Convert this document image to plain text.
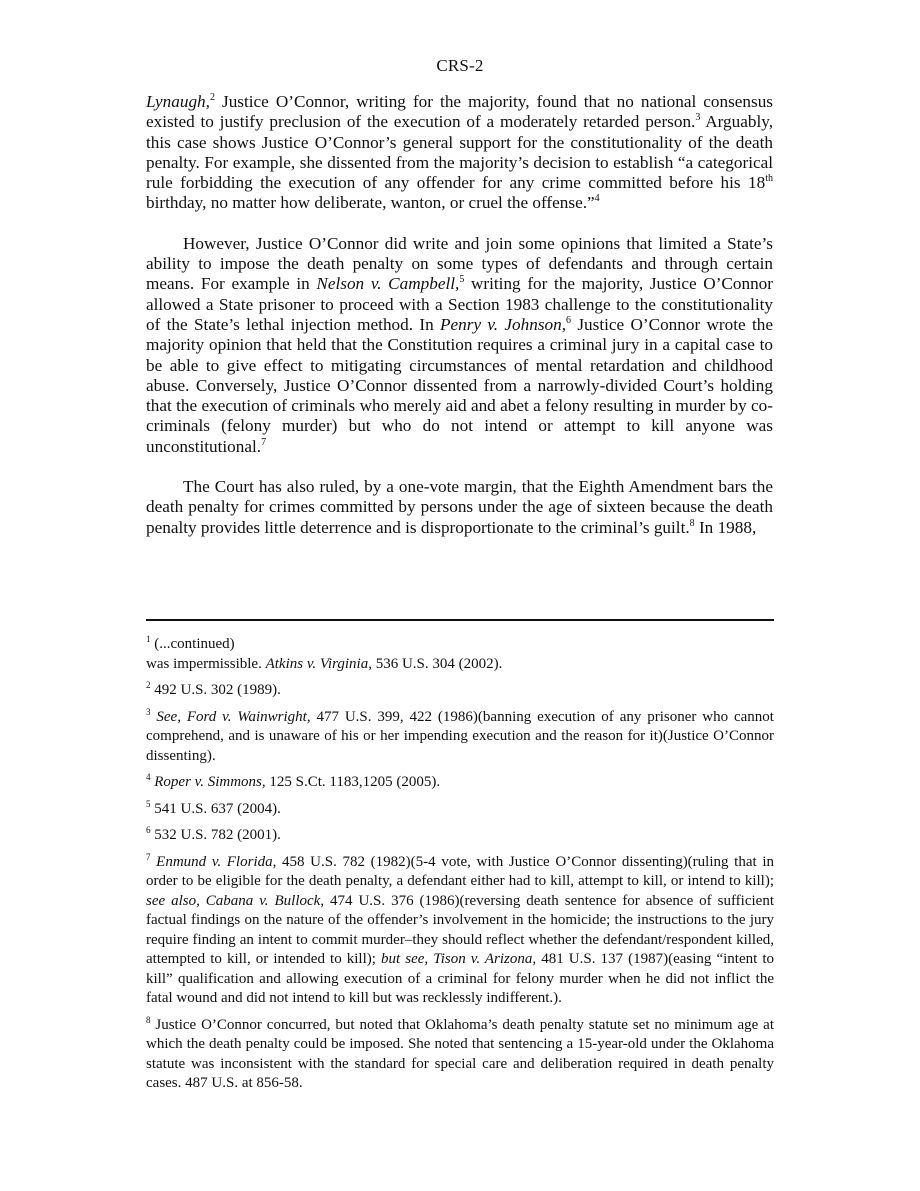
CRS-2

Lynaugh,$^2$ Justice O’Connor, writing for the majority, found that no national consensus existed to justify preclusion of the execution of a moderately retarded person.$^3$ Arguably, this case shows Justice O’Connor’s general support for the constitutionality of the death penalty. For example, she dissented from the majority’s decision to establish “a categorical rule forbidding the execution of any offender for any crime committed before his 18th birthday, no matter how deliberate, wanton, or cruel the offense.”$^4$

However, Justice O’Connor did write and join some opinions that limited a State’s ability to impose the death penalty on some types of defendants and through certain means. For example in Nelson v. Campbell,$^5$ writing for the majority, Justice O’Connor allowed a State prisoner to proceed with a Section 1983 challenge to the constitutionality of the State’s lethal injection method. In Penry v. Johnson,$^6$ Justice O’Connor wrote the majority opinion that held that the Constitution requires a criminal jury in a capital case to be able to give effect to mitigating circumstances of mental retardation and childhood abuse. Conversely, Justice O’Connor dissented from a narrowly-divided Court’s holding that the execution of criminals who merely aid and abet a felony resulting in murder by co-criminals (felony murder) but who do not intend or attempt to kill anyone was unconstitutional.$^7$

The Court has also ruled, by a one-vote margin, that the Eighth Amendment bars the death penalty for crimes committed by persons under the age of sixteen because the death penalty provides little deterrence and is disproportionate to the criminal’s guilt.$^8$ In 1988,

$^1$ (...continued)
was impermissible. Atkins v. Virginia, 536 U.S. 304 (2002).
$^2$ 492 U.S. 302 (1989).
$^3$ See, Ford v. Wainwright, 477 U.S. 399, 422 (1986)(banning execution of any prisoner who cannot comprehend, and is unaware of his or her impending execution and the reason for it)(Justice O’Connor dissenting).
$^4$ Roper v. Simmons, 125 S.Ct. 1183,1205 (2005).
$^5$ 541 U.S. 637 (2004).
$^6$ 532 U.S. 782 (2001).
$^7$ Enmund v. Florida, 458 U.S. 782 (1982)(5-4 vote, with Justice O’Connor dissenting)(ruling that in order to be eligible for the death penalty, a defendant either had to kill, attempt to kill, or intend to kill); see also, Cabana v. Bullock, 474 U.S. 376 (1986)(reversing death sentence for absence of sufficient factual findings on the nature of the offender’s involvement in the homicide; the instructions to the jury require finding an intent to commit murder–they should reflect whether the defendant/respondent killed, attempted to kill, or intended to kill); but see, Tison v. Arizona, 481 U.S. 137 (1987)(easing “intent to kill” qualification and allowing execution of a criminal for felony murder when he did not inflict the fatal wound and did not intend to kill but was recklessly indifferent.).
$^8$ Justice O’Connor concurred, but noted that Oklahoma’s death penalty statute set no minimum age at which the death penalty could be imposed. She noted that sentencing a 15-year-old under the Oklahoma statute was inconsistent with the standard for special care and deliberation required in death penalty cases. 487 U.S. at 856-58.
